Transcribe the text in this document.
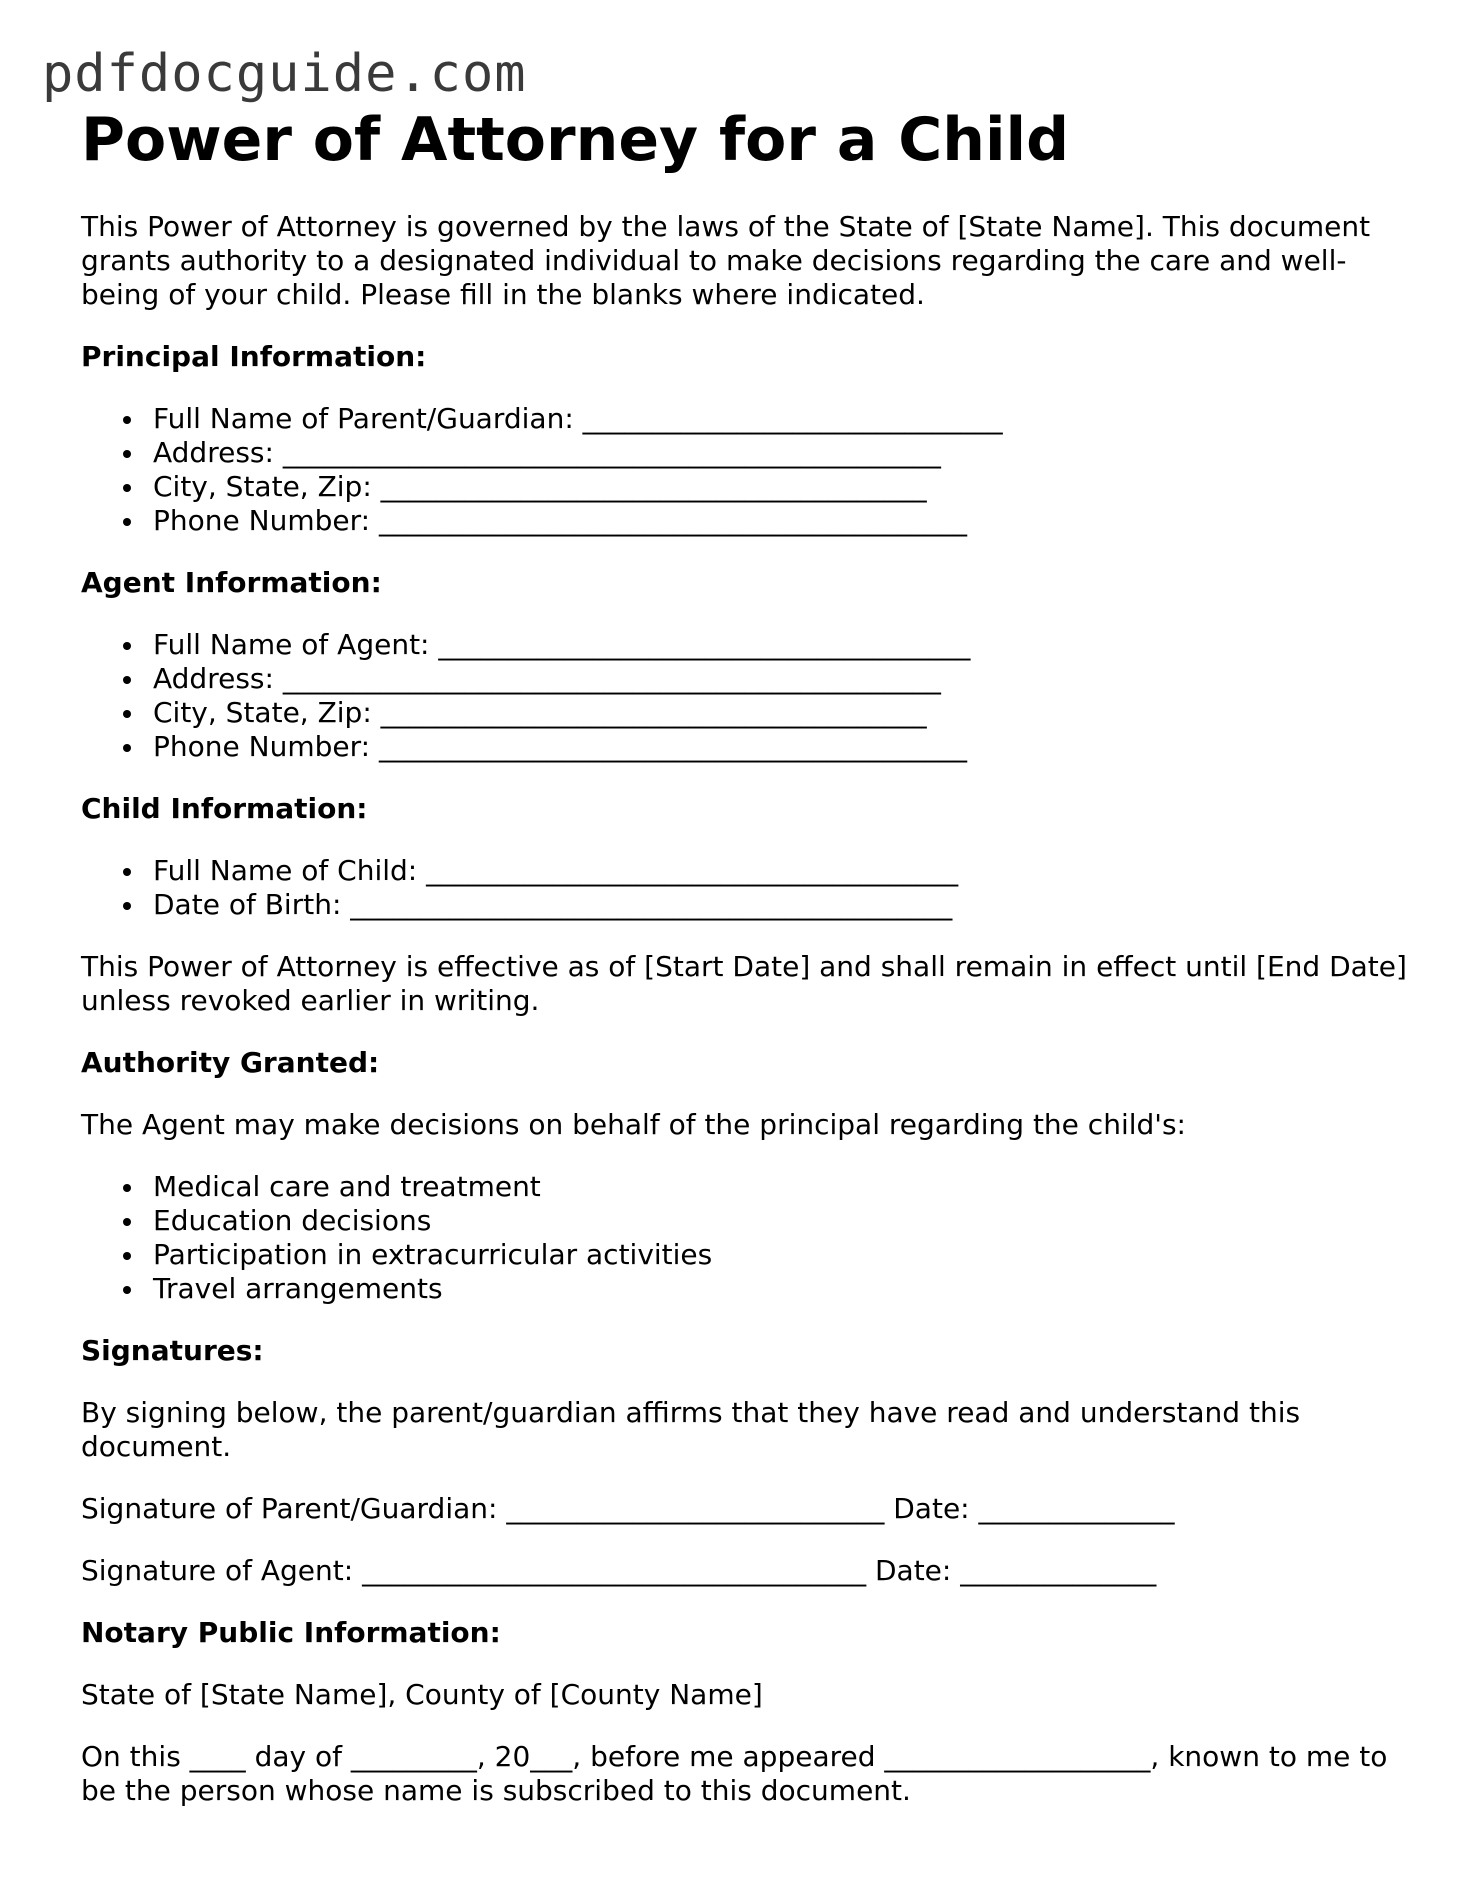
pdfdocguide.com
Power of Attorney for a Child

This Power of Attorney is governed by the laws of the State of [State Name]. This document grants authority to a designated individual to make decisions regarding the care and well-being of your child. Please fill in the blanks where indicated.

Principal Information:
Full Name of Parent/Guardian: ______________________________
Address: _______________________________________________
City, State, Zip: _______________________________________
Phone Number: __________________________________________
Agent Information:
Full Name of Agent: ______________________________________
Address: _______________________________________________
City, State, Zip: _______________________________________
Phone Number: __________________________________________
Child Information:
Full Name of Child: ______________________________________
Date of Birth: ___________________________________________

This Power of Attorney is effective as of [Start Date] and shall remain in effect until [End Date] unless revoked earlier in writing.

Authority Granted:

The Agent may make decisions on behalf of the principal regarding the child's:

Medical care and treatment
Education decisions
Participation in extracurricular activities
Travel arrangements
Signatures:

By signing below, the parent/guardian affirms that they have read and understand this document.

Signature of Parent/Guardian: ___________________________ Date: ______________

Signature of Agent: ____________________________________ Date: ______________

Notary Public Information:

State of [State Name], County of [County Name]

On this ____ day of _________, 20___, before me appeared ___________________, known to me to be the person whose name is subscribed to this document.
